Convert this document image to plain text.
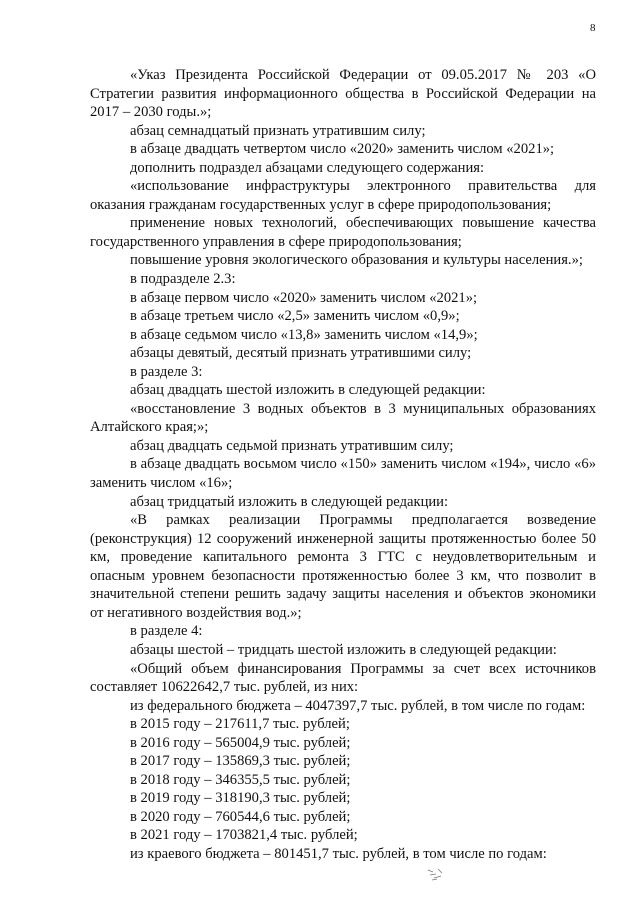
8

«Указ Президента Российской Федерации от 09.05.2017 № 203 «О Стратегии развития информационного общества в Российской Федерации на 2017 – 2030 годы.»;

абзац семнадцатый признать утратившим силу;

в абзаце двадцать четвертом число «2020» заменить числом «2021»;

дополнить подраздел абзацами следующего содержания:

«использование инфраструктуры электронного правительства для оказания гражданам государственных услуг в сфере природопользования;

применение новых технологий, обеспечивающих повышение качества государственного управления в сфере природопользования;

повышение уровня экологического образования и культуры населения.»;

в подразделе 2.3:

в абзаце первом число «2020» заменить числом «2021»;

в абзаце третьем число «2,5» заменить числом «0,9»;

в абзаце седьмом число «13,8» заменить числом «14,9»;

абзацы девятый, десятый признать утратившими силу;

в разделе 3:

абзац двадцать шестой изложить в следующей редакции:

«восстановление 3 водных объектов в 3 муниципальных образованиях Алтайского края;»;

абзац двадцать седьмой признать утратившим силу;

в абзаце двадцать восьмом число «150» заменить числом «194», число «6» заменить числом «16»;

абзац тридцатый изложить в следующей редакции:

«В рамках реализации Программы предполагается возведение (реконструкция) 12 сооружений инженерной защиты протяженностью более 50 км, проведение капитального ремонта 3 ГТС с неудовлетворительным и опасным уровнем безопасности протяженностью более 3 км, что позволит в значительной степени решить задачу защиты населения и объектов экономики от негативного воздействия вод.»;

в разделе 4:

абзацы шестой – тридцать шестой изложить в следующей редакции:

«Общий объем финансирования Программы за счет всех источников составляет 10622642,7 тыс. рублей, из них:

из федерального бюджета – 4047397,7 тыс. рублей, в том числе по годам:

в 2015 году – 217611,7 тыс. рублей;

в 2016 году – 565004,9 тыс. рублей;

в 2017 году – 135869,3 тыс. рублей;

в 2018 году – 346355,5 тыс. рублей;

в 2019 году – 318190,3 тыс. рублей;

в 2020 году – 760544,6 тыс. рублей;

в 2021 году – 1703821,4 тыс. рублей;

из краевого бюджета – 801451,7 тыс. рублей, в том числе по годам:
